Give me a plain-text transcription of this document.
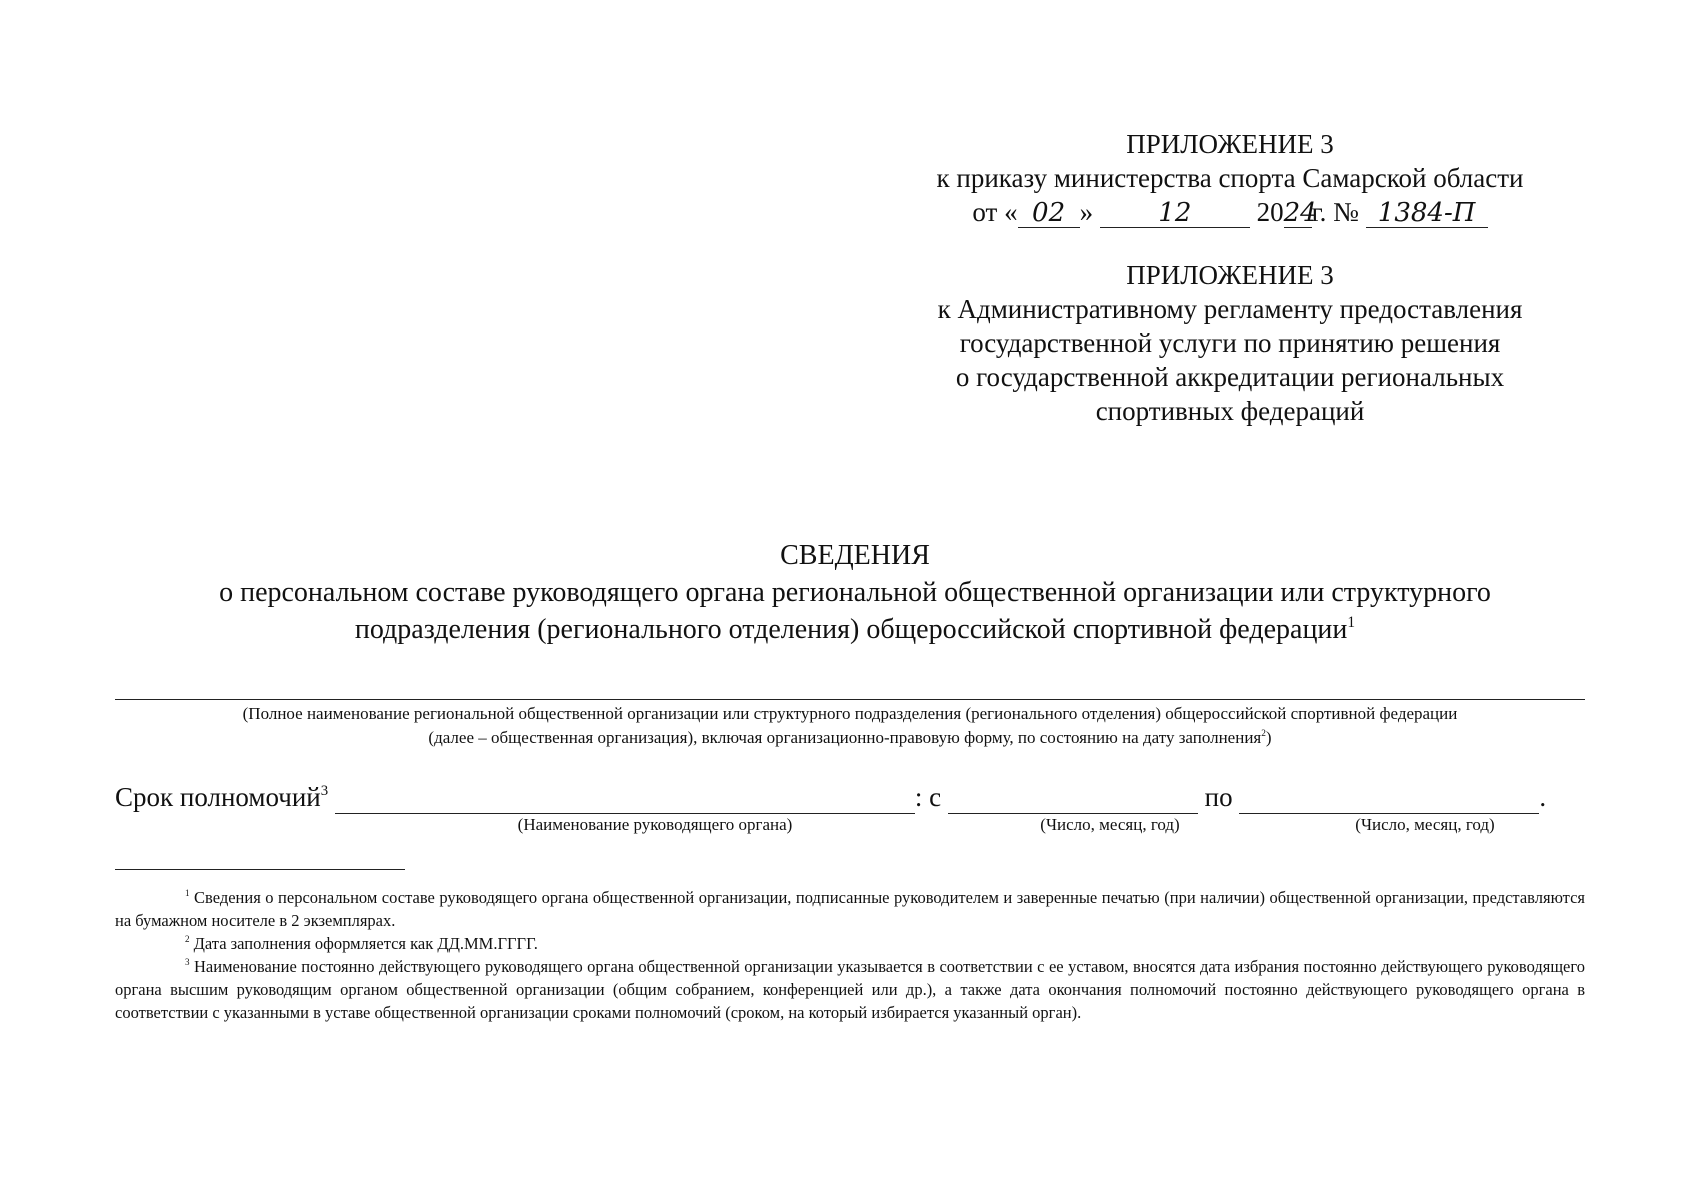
ПРИЛОЖЕНИЕ 3
к приказу министерства спорта Самарской области
от « 02 »	12 2024г. № 1384-П
ПРИЛОЖЕНИЕ 3
к Административному регламенту предоставления
государственной услуги по принятию решения
о государственной аккредитации региональных
спортивных федераций
СВЕДЕНИЯ
о персональном составе руководящего органа региональной общественной организации или структурного
подразделения (регионального отделения) общероссийской спортивной федерации$^1$
(Полное наименование региональной общественной организации или структурного подразделения (регионального отделения) общероссийской спортивной федерации
(далее – общественная организация), включая организационно-правовую форму, по состоянию на дату заполнения$^2$)
Срок полномочий$^3$	: с	по	.
(Наименование руководящего органа)	(Число, месяц, год)	(Число, месяц, год)

$^1$ Сведения о персональном составе руководящего органа общественной организации, подписанные руководителем и заверенные печатью (при наличии) общественной организации, представляются на бумажном носителе в 2 экземплярах.

$^2$ Дата заполнения оформляется как ДД.ММ.ГГГГ.

$^3$ Наименование постоянно действующего руководящего органа общественной организации указывается в соответствии с ее уставом, вносятся дата избрания постоянно действующего руководящего органа высшим руководящим органом общественной организации (общим собранием, конференцией или др.), а также дата окончания полномочий постоянно действующего руководящего органа в соответствии с указанными в уставе общественной организации сроками полномочий (сроком, на который избирается указанный орган).
